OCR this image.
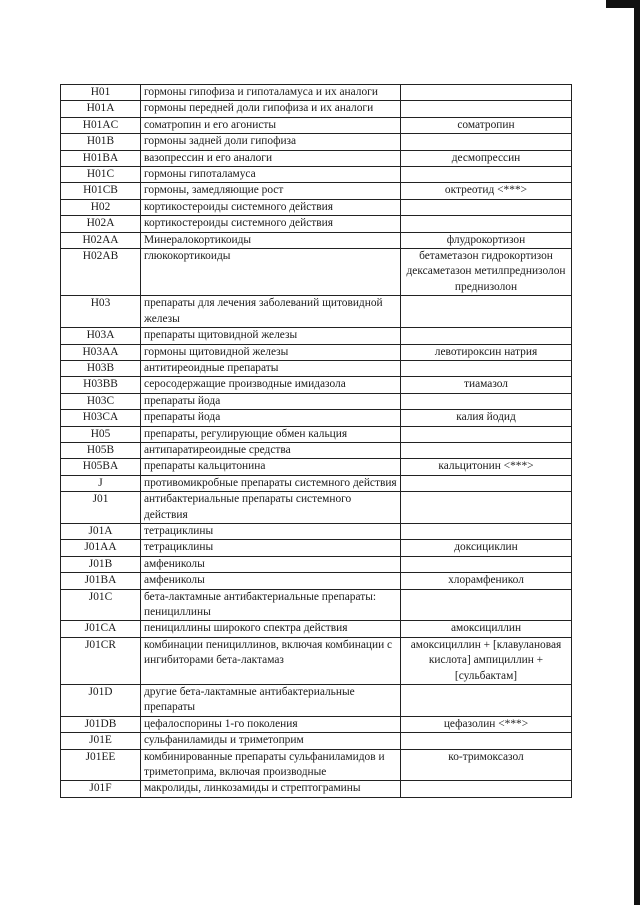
H01	гормоны гипофиза и гипоталамуса и их аналоги	
H01A	гормоны передней доли гипофиза и их аналоги	
H01AC	соматропин и его агонисты	соматропин
H01B	гормоны задней доли гипофиза	
H01BA	вазопрессин и его аналоги	десмопрессин
H01C	гормоны гипоталамуса	
H01CB	гормоны, замедляющие рост	октреотид <***>
H02	кортикостероиды системного действия	
H02A	кортикостероиды системного действия	
H02AA	Минералокортикоиды	флудрокортизон
H02AB	глюкокортикоиды	бетаметазон гидрокортизон дексаметазон метилпреднизолон преднизолон
H03	препараты для лечения заболеваний щитовидной железы	
H03A	препараты щитовидной железы	
H03AA	гормоны щитовидной железы	левотироксин натрия
H03B	антитиреоидные препараты	
H03BB	серосодержащие производные имидазола	тиамазол
H03C	препараты йода	
H03CA	препараты йода	калия йодид
H05	препараты, регулирующие обмен кальция	
H05B	антипаратиреоидные средства	
H05BA	препараты кальцитонина	кальцитонин <***>
J	противомикробные препараты системного действия	
J01	антибактериальные препараты системного действия	
J01A	тетрациклины	
J01AA	тетрациклины	доксициклин
J01B	амфениколы	
J01BA	амфениколы	хлорамфеникол
J01C	бета-лактамные антибактериальные препараты: пенициллины	
J01CA	пенициллины широкого спектра действия	амоксициллин
J01CR	комбинации пенициллинов, включая комбинации с ингибиторами бета-лактамаз	амоксициллин + [клавулановая кислота] ампициллин + [сульбактам]
J01D	другие бета-лактамные антибактериальные препараты	
J01DB	цефалоспорины 1-го поколения	цефазолин <***>
J01E	сульфаниламиды и триметоприм	
J01EE	комбинированные препараты сульфаниламидов и триметоприма, включая производные	ко-тримоксазол
J01F	макролиды, линкозамиды и стрептограмины	
